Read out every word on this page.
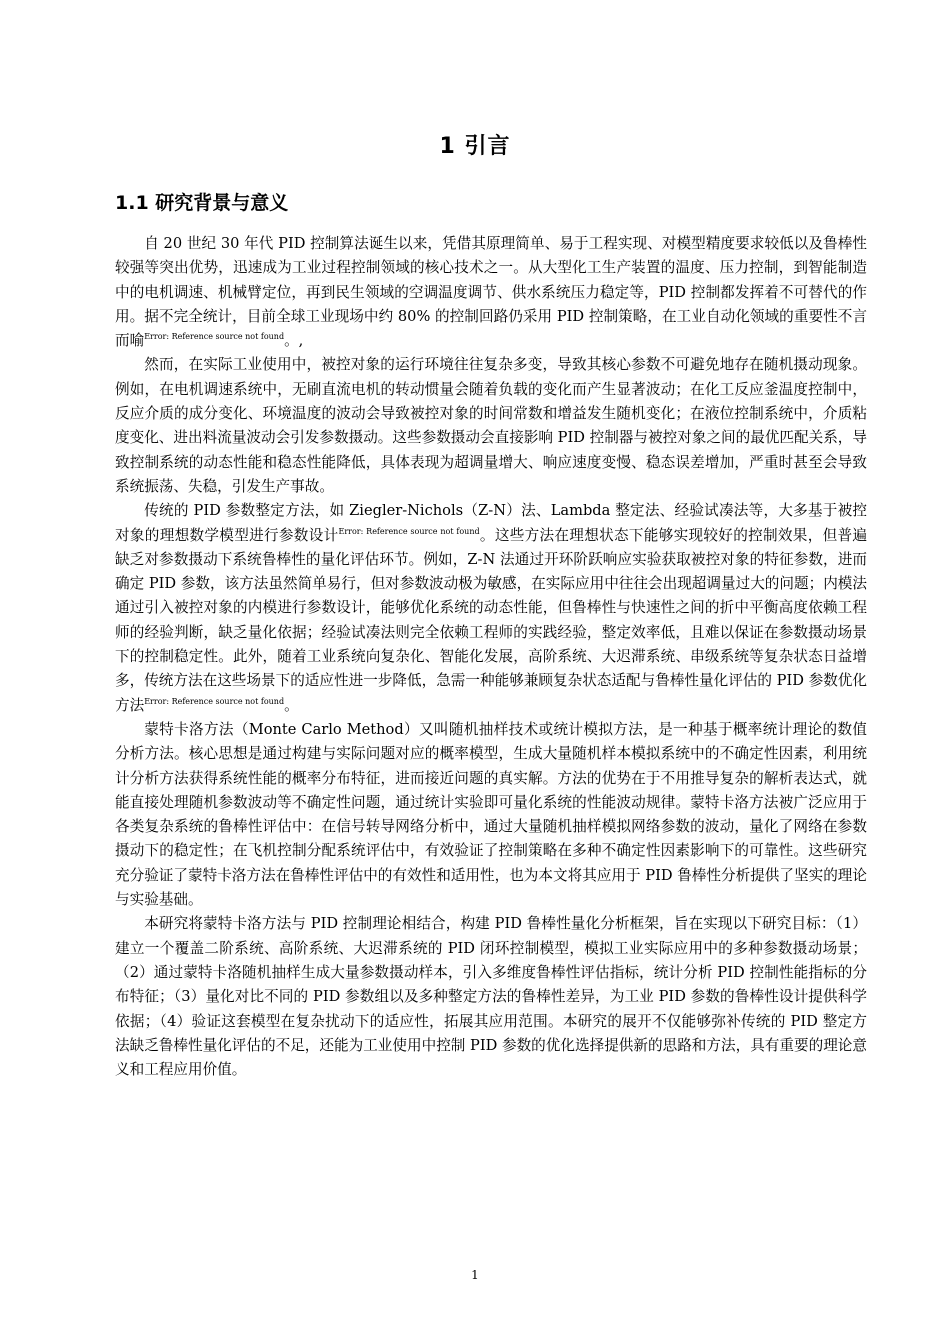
1 引言
1.1 研究背景与意义

自 20 世纪 30 年代 PID 控制算法诞生以来，凭借其原理简单、易于工程实现、对模型精度要求较低以及鲁棒性较强等突出优势，迅速成为工业过程控制领域的核心技术之一。从大型化工生产装置的温度、压力控制，到智能制造中的电机调速、机械臂定位，再到民生领域的空调温度调节、供水系统压力稳定等，PID 控制都发挥着不可替代的作用。据不完全统计，目前全球工业现场中约 80% 的控制回路仍采用 PID 控制策略，在工业自动化领域的重要性不言而喻$^{Error: Reference source not found}$。,

然而，在实际工业使用中，被控对象的运行环境往往复杂多变，导致其核心参数不可避免地存在随机摄动现象。例如，在电机调速系统中，无刷直流电机的转动惯量会随着负载的变化而产生显著波动；在化工反应釜温度控制中，反应介质的成分变化、环境温度的波动会导致被控对象的时间常数和增益发生随机变化；在液位控制系统中，介质粘度变化、进出料流量波动会引发参数摄动。这些参数摄动会直接影响 PID 控制器与被控对象之间的最优匹配关系，导致控制系统的动态性能和稳态性能降低，具体表现为超调量增大、响应速度变慢、稳态误差增加，严重时甚至会导致系统振荡、失稳，引发生产事故。

传统的 PID 参数整定方法，如 Ziegler-Nichols（Z-N）法、Lambda 整定法、经验试凑法等，大多基于被控对象的理想数学模型进行参数设计$^{Error: Reference source not found}$。这些方法在理想状态下能够实现较好的控制效果，但普遍缺乏对参数摄动下系统鲁棒性的量化评估环节。例如，Z-N 法通过开环阶跃响应实验获取被控对象的特征参数，进而确定 PID 参数，该方法虽然简单易行，但对参数波动极为敏感，在实际应用中往往会出现超调量过大的问题；内模法通过引入被控对象的内模进行参数设计，能够优化系统的动态性能，但鲁棒性与快速性之间的折中平衡高度依赖工程师的经验判断，缺乏量化依据；经验试凑法则完全依赖工程师的实践经验，整定效率低，且难以保证在参数摄动场景下的控制稳定性。此外，随着工业系统向复杂化、智能化发展，高阶系统、大迟滞系统、串级系统等复杂状态日益增多，传统方法在这些场景下的适应性进一步降低，急需一种能够兼顾复杂状态适配与鲁棒性量化评估的 PID 参数优化方法$^{Error: Reference source not found}$。

蒙特卡洛方法（Monte Carlo Method）又叫随机抽样技术或统计模拟方法，是一种基于概率统计理论的数值分析方法。核心思想是通过构建与实际问题对应的概率模型，生成大量随机样本模拟系统中的不确定性因素，利用统计分析方法获得系统性能的概率分布特征，进而接近问题的真实解。方法的优势在于不用推导复杂的解析表达式，就能直接处理随机参数波动等不确定性问题，通过统计实验即可量化系统的性能波动规律。蒙特卡洛方法被广泛应用于各类复杂系统的鲁棒性评估中：在信号转导网络分析中，通过大量随机抽样模拟网络参数的波动，量化了网络在参数摄动下的稳定性；在飞机控制分配系统评估中，有效验证了控制策略在多种不确定性因素影响下的可靠性。这些研究充分验证了蒙特卡洛方法在鲁棒性评估中的有效性和适用性，也为本文将其应用于 PID 鲁棒性分析提供了坚实的理论与实验基础。

本研究将蒙特卡洛方法与 PID 控制理论相结合，构建 PID 鲁棒性量化分析框架，旨在实现以下研究目标：（1）建立一个覆盖二阶系统、高阶系统、大迟滞系统的 PID 闭环控制模型，模拟工业实际应用中的多种参数摄动场景；（2）通过蒙特卡洛随机抽样生成大量参数摄动样本，引入多维度鲁棒性评估指标，统计分析 PID 控制性能指标的分布特征；（3）量化对比不同的 PID 参数组以及多种整定方法的鲁棒性差异，为工业 PID 参数的鲁棒性设计提供科学依据；（4）验证这套模型在复杂扰动下的适应性，拓展其应用范围。本研究的展开不仅能够弥补传统的 PID 整定方法缺乏鲁棒性量化评估的不足，还能为工业使用中控制 PID 参数的优化选择提供新的思路和方法，具有重要的理论意义和工程应用价值。

1
